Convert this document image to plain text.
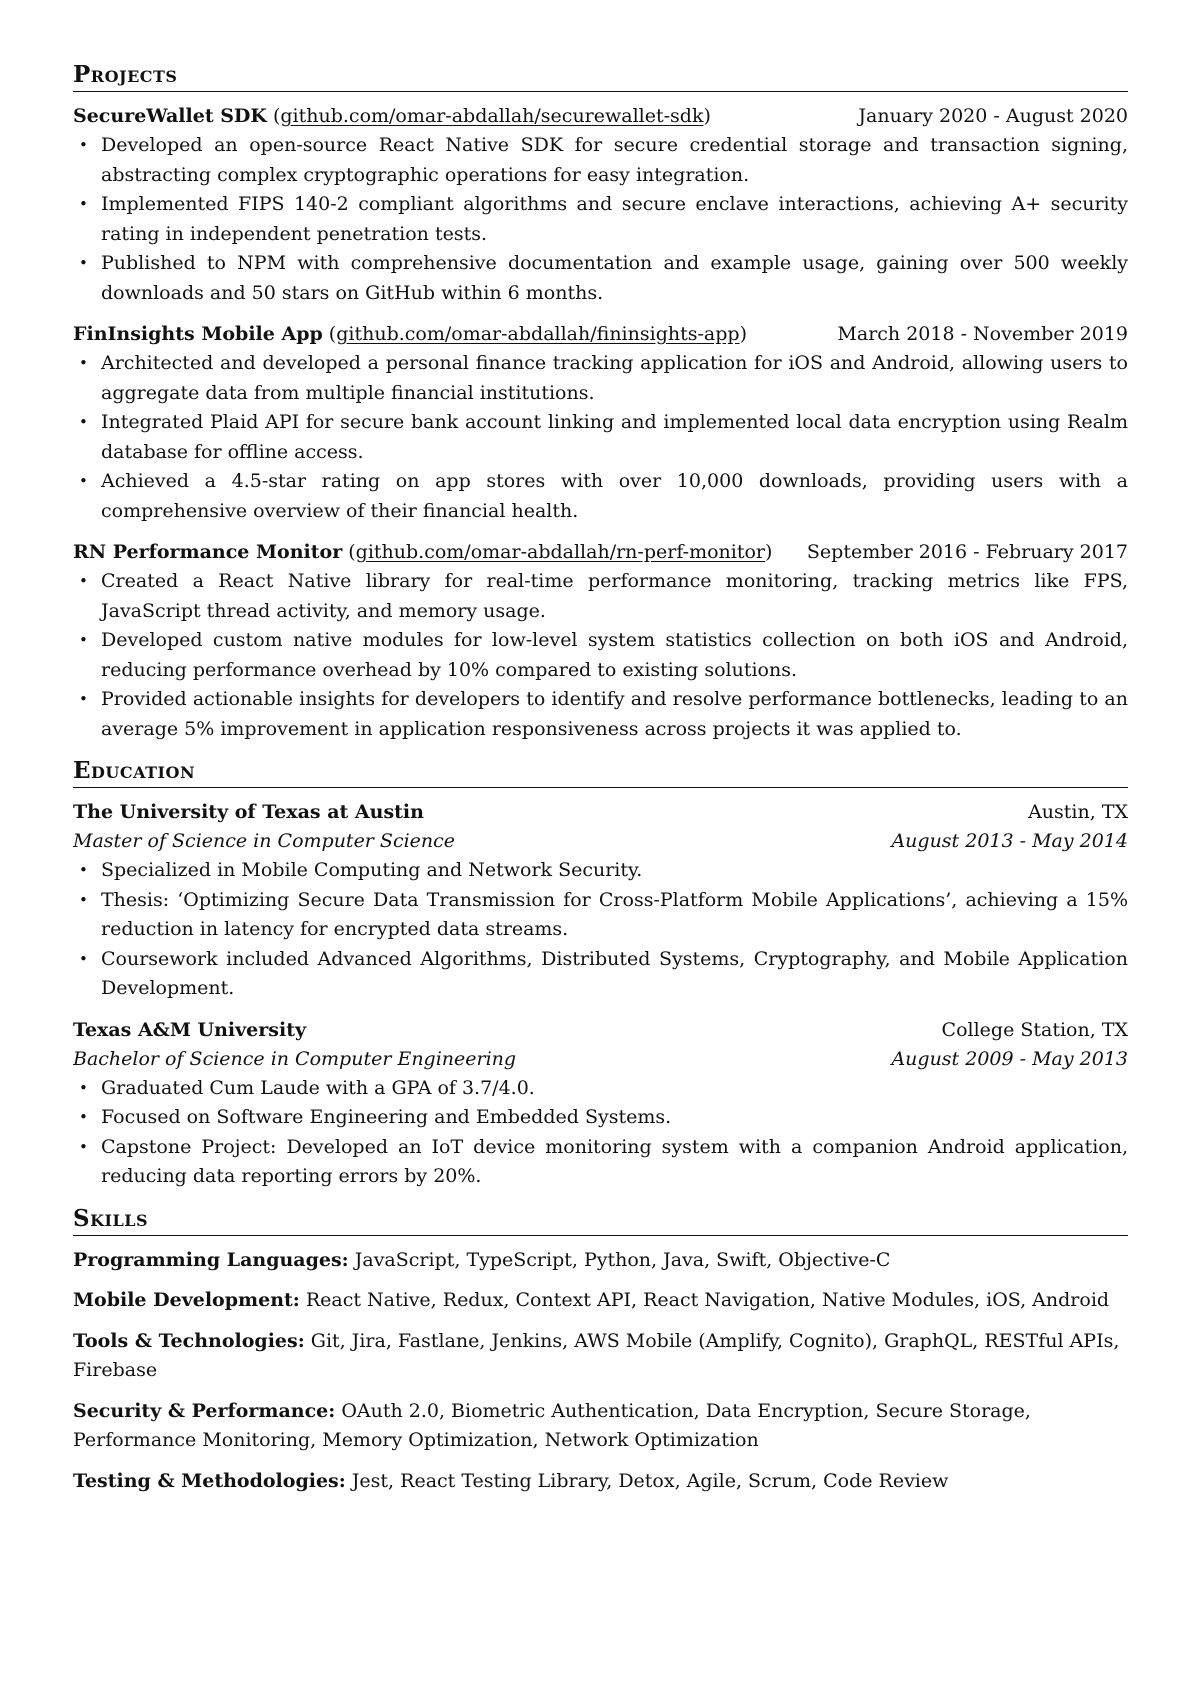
Projects
SecureWallet SDK (github.com/omar-abdallah/securewallet-sdk)	January 2020 - August 2020
• Developed an open-source React Native SDK for secure credential storage and transaction signing, abstracting complex cryptographic operations for easy integration.
• Implemented FIPS 140-2 compliant algorithms and secure enclave interactions, achieving A+ security rating in independent penetration tests.
• Published to NPM with comprehensive documentation and example usage, gaining over 500 weekly downloads and 50 stars on GitHub within 6 months.
FinInsights Mobile App (github.com/omar-abdallah/fininsights-app)	March 2018 - November 2019
• Architected and developed a personal finance tracking application for iOS and Android, allowing users to aggregate data from multiple financial institutions.
• Integrated Plaid API for secure bank account linking and implemented local data encryption using Realm database for offline access.
• Achieved a 4.5-star rating on app stores with over 10,000 downloads, providing users with a comprehensive overview of their financial health.
RN Performance Monitor (github.com/omar-abdallah/rn-perf-monitor)	September 2016 - February 2017
• Created a React Native library for real-time performance monitoring, tracking metrics like FPS, JavaScript thread activity, and memory usage.
• Developed custom native modules for low-level system statistics collection on both iOS and Android, reducing performance overhead by 10% compared to existing solutions.
• Provided actionable insights for developers to identify and resolve performance bottlenecks, leading to an average 5% improvement in application responsiveness across projects it was applied to.
Education
The University of Texas at Austin	Austin, TX
Master of Science in Computer Science	August 2013 - May 2014
• Specialized in Mobile Computing and Network Security.
• Thesis: ‘Optimizing Secure Data Transmission for Cross-Platform Mobile Applications’, achieving a 15% reduction in latency for encrypted data streams.
• Coursework included Advanced Algorithms, Distributed Systems, Cryptography, and Mobile Application Development.
Texas A&M University	College Station, TX
Bachelor of Science in Computer Engineering	August 2009 - May 2013
• Graduated Cum Laude with a GPA of 3.7/4.0.
• Focused on Software Engineering and Embedded Systems.
• Capstone Project: Developed an IoT device monitoring system with a companion Android application, reducing data reporting errors by 20%.
Skills
Programming Languages: JavaScript, TypeScript, Python, Java, Swift, Objective-C
Mobile Development: React Native, Redux, Context API, React Navigation, Native Modules, iOS, Android
Tools & Technologies: Git, Jira, Fastlane, Jenkins, AWS Mobile (Amplify, Cognito), GraphQL, RESTful APIs, Firebase
Security & Performance: OAuth 2.0, Biometric Authentication, Data Encryption, Secure Storage, Performance Monitoring, Memory Optimization, Network Optimization
Testing & Methodologies: Jest, React Testing Library, Detox, Agile, Scrum, Code Review
